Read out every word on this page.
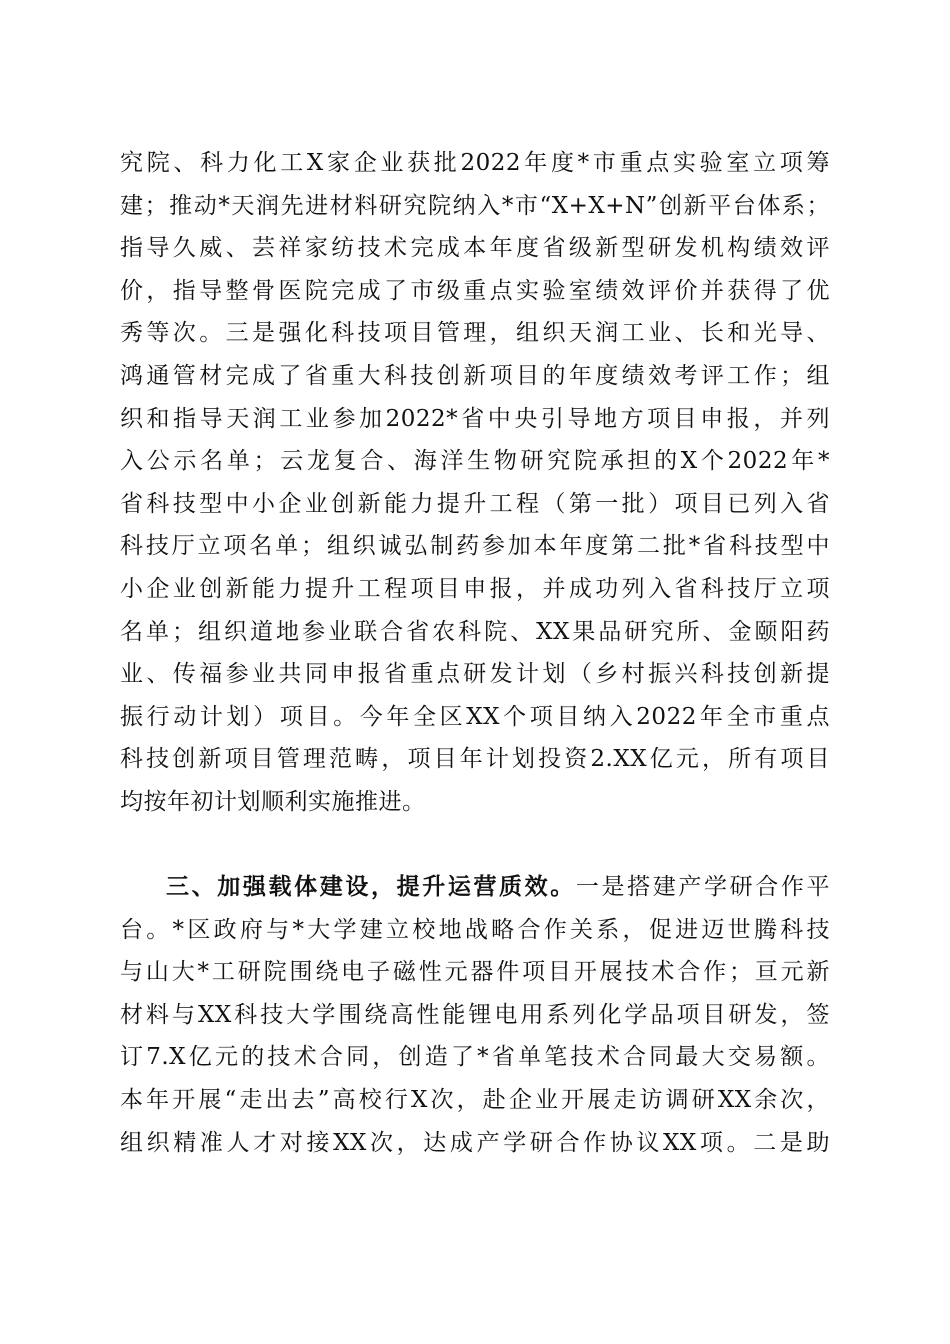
究院、科力化工X家企业获批2022年度*市重点实验室立项筹
建；推动*天润先进材料研究院纳入*市“X+X+N”创新平台体系；
指导久威、芸祥家纺技术完成本年度省级新型研发机构绩效评
价，指导整骨医院完成了市级重点实验室绩效评价并获得了优
秀等次。三是强化科技项目管理，组织天润工业、长和光导、
鸿通管材完成了省重大科技创新项目的年度绩效考评工作；组
织和指导天润工业参加2022*省中央引导地方项目申报，并列
入公示名单；云龙复合、海洋生物研究院承担的X个2022年*
省科技型中小企业创新能力提升工程（第一批）项目已列入省
科技厅立项名单；组织诚弘制药参加本年度第二批*省科技型中
小企业创新能力提升工程项目申报，并成功列入省科技厅立项
名单；组织道地参业联合省农科院、XX果品研究所、金颐阳药
业、传福参业共同申报省重点研发计划（乡村振兴科技创新提
振行动计划）项目。今年全区XX个项目纳入2022年全市重点
科技创新项目管理范畴，项目年计划投资2.XX亿元，所有项目
均按年初计划顺利实施推进。
三、加强载体建设，提升运营质效。一是搭建产学研合作平
台。*区政府与*大学建立校地战略合作关系，促进迈世腾科技
与山大*工研院围绕电子磁性元器件项目开展技术合作；亘元新
材料与XX科技大学围绕高性能锂电用系列化学品项目研发，签
订7.X亿元的技术合同，创造了*省单笔技术合同最大交易额。
本年开展“走出去”高校行X次，赴企业开展走访调研XX余次，
组织精准人才对接XX次，达成产学研合作协议XX项。二是助
